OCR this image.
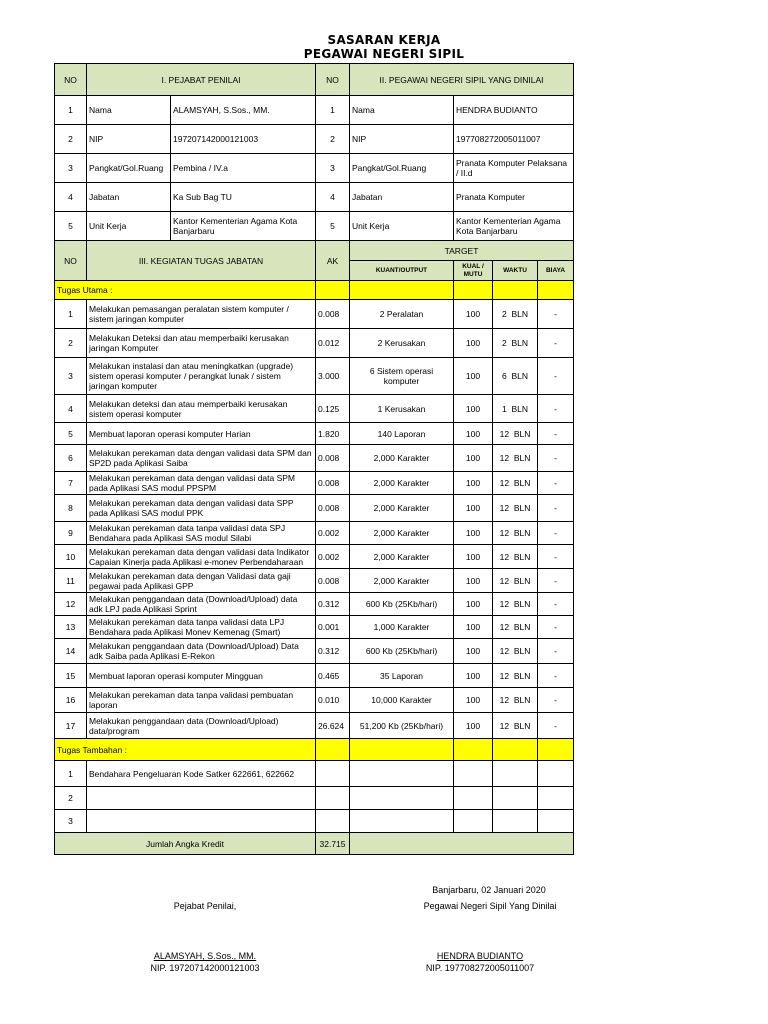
SASARAN KERJA
PEGAWAI NEGERI SIPIL
NO	I. PEJABAT PENILAI		NO	II. PEGAWAI NEGERI SIPIL YANG DINILAI			
1	Nama	ALAMSYAH, S.Sos., MM.	1	Nama	HENDRA BUDIANTO		
2	NIP	197207142000121003	2	NIP	197708272005011007		
3	Pangkat/Gol.Ruang	Pembina / IV.a	3	Pangkat/Gol.Ruang	Pranata Komputer Pelaksana / II.d		
4	Jabatan	Ka Sub Bag TU	4	Jabatan	Pranata Komputer		
5	Unit Kerja	Kantor Kementerian Agama Kota Banjarbaru	5	Unit Kerja	Kantor Kementerian Agama Kota Banjarbaru		
NO	III. KEGIATAN TUGAS JABATAN		AK	TARGET			
				KUANT/OUTPUT	KUAL / MUTU	WAKTU	BIAYA
Tugas Utama :							
1	Melakukan pemasangan peralatan sistem komputer / sistem jaringan komputer		0.008	2 Peralatan	100	2 BLN	-
2	Melakukan Deteksi dan atau memperbaiki kerusakan jaringan Komputer		0.012	2 Kerusakan	100	2 BLN	-
3	Melakukan instalasi dan atau meningkatkan (upgrade) sistem operasi komputer / perangkat lunak / sistem jaringan komputer		3.000	6 Sistem operasi komputer	100	6 BLN	-
4	Melakukan deteksi dan atau memperbaiki kerusakan sistem operasi komputer		0.125	1 Kerusakan	100	1 BLN	-
5	Membuat laporan operasi komputer Harian		1.820	140 Laporan	100	12 BLN	-
6	Melakukan perekaman data dengan validasi data SPM dan SP2D pada Aplikasi Saiba		0.008	2,000 Karakter	100	12 BLN	-
7	Melakukan perekaman data dengan validasi data SPM pada Aplikasi SAS modul PPSPM		0.008	2,000 Karakter	100	12 BLN	-
8	Melakukan perekaman data dengan validasi data SPP pada Aplikasi SAS modul PPK		0.008	2,000 Karakter	100	12 BLN	-
9	Melakukan perekaman data tanpa validasi data SPJ Bendahara pada Aplikasi SAS modul Silabi		0.002	2,000 Karakter	100	12 BLN	-
10	Melakukan perekaman data dengan validasi data Indikator Capaian Kinerja pada Aplikasi e-monev Perbendaharaan		0.002	2,000 Karakter	100	12 BLN	-
11	Melakukan perekaman data dengan Validasi data gaji pegawai pada Aplikasi GPP		0.008	2,000 Karakter	100	12 BLN	-
12	Melakukan penggandaan data (Download/Upload) data adk LPJ pada Aplikasi Sprint		0.312	600 Kb (25Kb/hari)	100	12 BLN	-
13	Melakukan perekaman data tanpa validasi data LPJ Bendahara pada Aplikasi Monev Kemenag (Smart)		0.001	1,000 Karakter	100	12 BLN	-
14	Melakukan penggandaan data (Download/Upload) Data adk Saiba pada Aplikasi E-Rekon		0.312	600 Kb (25Kb/hari)	100	12 BLN	-
15	Membuat laporan operasi komputer Mingguan		0.465	35 Laporan	100	12 BLN	-
16	Melakukan perekaman data tanpa validasi pembuatan laporan		0.010	10,000 Karakter	100	12 BLN	-
17	Melakukan penggandaan data (Download/Upload) data/program		26.624	51,200 Kb (25Kb/hari)	100	12 BLN	-
Tugas Tambahan :							
1	Bendahara Pengeluaran Kode Satker 622661, 622662						
2							
3							
Jumlah Angka Kredit			32.715				
Banjarbaru, 02 Januari 2020
Pejabat Penilai,	Pegawai Negeri Sipil Yang Dinilai
ALAMSYAH, S.Sos., MM.
NIP. 197207142000121003
HENDRA BUDIANTO
NIP. 197708272005011007
